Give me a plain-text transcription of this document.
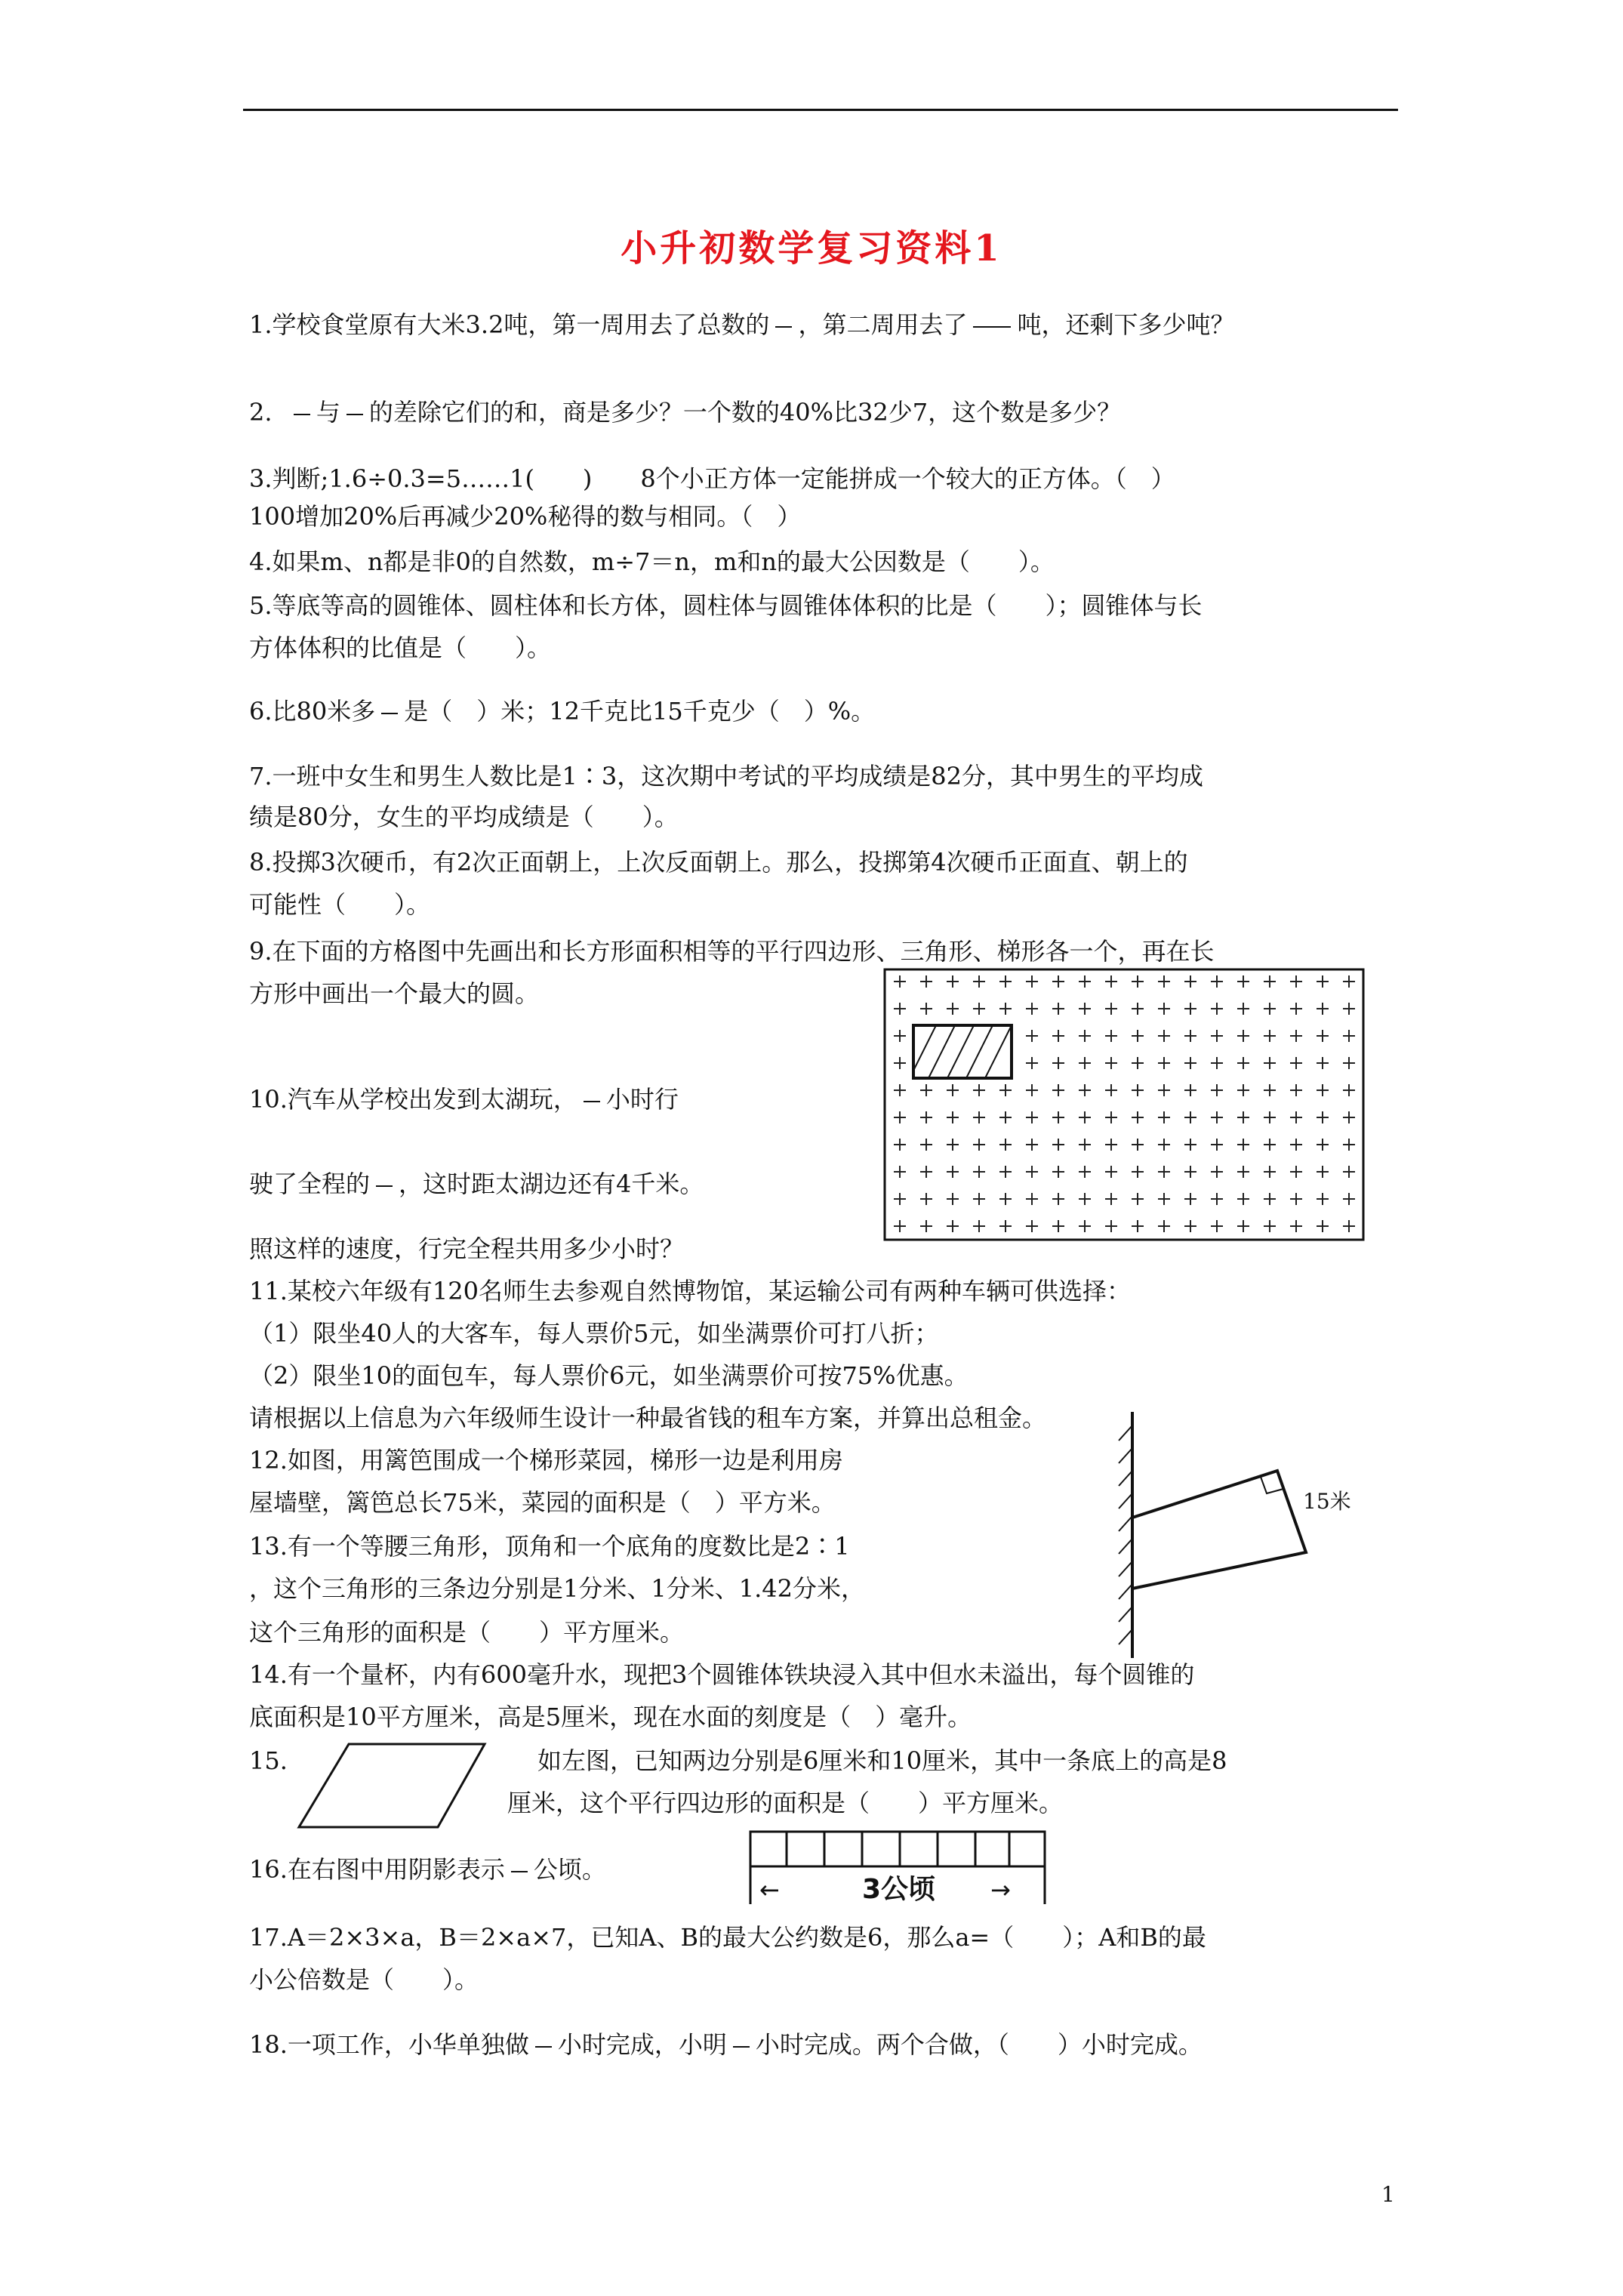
小升初数学复习资料1
1.学校食堂原有大米3.2吨，第一周用去了总数的 ，第二周用去了 吨，还剩下多少吨？
2. 与 的差除它们的和，商是多少？一个数的40%比32少7，这个数是多少？
3.判断;1.6÷0.3=5……1(　　)　　8个小正方体一定能拼成一个较大的正方体。（　）
100增加20%后再减少20%秘得的数与相同。（　）
4.如果m、n都是非0的自然数，m÷7＝n，m和n的最大公因数是（　　）。
5.等底等高的圆锥体、圆柱体和长方体，圆柱体与圆锥体体积的比是（　　）；圆锥体与长
方体体积的比值是（　　）。
6.比80米多 是（　）米；12千克比15千克少（　）%。
7.一班中女生和男生人数比是1∶3，这次期中考试的平均成绩是82分，其中男生的平均成
绩是80分，女生的平均成绩是（　　）。
8.投掷3次硬币，有2次正面朝上，上次反面朝上。那么，投掷第4次硬币正面直、朝上的
可能性（　　）。
9.在下面的方格图中先画出和长方形面积相等的平行四边形、三角形、梯形各一个，再在长
方形中画出一个最大的圆。
10.汽车从学校出发到太湖玩， 小时行
驶了全程的 ，这时距太湖边还有4千米。
照这样的速度，行完全程共用多少小时？
11.某校六年级有120名师生去参观自然博物馆，某运输公司有两种车辆可供选择：
（1）限坐40人的大客车，每人票价5元，如坐满票价可打八折；
（2）限坐10的面包车，每人票价6元，如坐满票价可按75%优惠。
请根据以上信息为六年级师生设计一种最省钱的租车方案，并算出总租金。
12.如图，用篱笆围成一个梯形菜园，梯形一边是利用房
屋墙壁，篱笆总长75米，菜园的面积是（　）平方米。	15米
13.有一个等腰三角形，顶角和一个底角的度数比是2∶1
，这个三角形的三条边分别是1分米、1分米、1.42分米，
这个三角形的面积是（　　）平方厘米。
14.有一个量杯，内有600毫升水，现把3个圆锥体铁块浸入其中但水未溢出，每个圆锥的
底面积是10平方厘米，高是5厘米，现在水面的刻度是（　）毫升。
15.	如左图，已知两边分别是6厘米和10厘米，其中一条底上的高是8
厘米，这个平行四边形的面积是（　　）平方厘米。
16.在右图中用阴影表示 公顷。
←	3公顷 →
17.A＝2×3×a，B＝2×a×7，已知A、B的最大公约数是6，那么a=（　　）；A和B的最
小公倍数是（　　）。
18.一项工作，小华单独做 小时完成，小明 小时完成。两个合做，（　　）小时完成。
1
